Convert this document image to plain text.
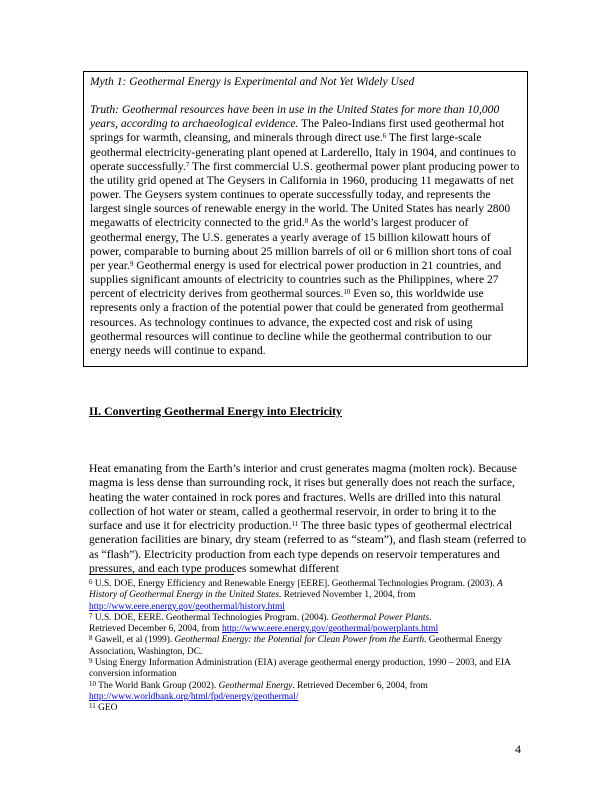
Myth 1: Geothermal Energy is Experimental and Not Yet Widely Used

Truth: Geothermal resources have been in use in the United States for more than 10,000 years, according to archaeological evidence. The Paleo-Indians first used geothermal hot springs for warmth, cleansing, and minerals through direct use.$^6$ The first large-scale geothermal electricity-generating plant opened at Larderello, Italy in 1904, and continues to operate successfully.$^7$ The first commercial U.S. geothermal power plant producing power to the utility grid opened at The Geysers in California in 1960, producing 11 megawatts of net power. The Geysers system continues to operate successfully today, and represents the largest single sources of renewable energy in the world. The United States has nearly 2800 megawatts of electricity connected to the grid.$^8$ As the world’s largest producer of geothermal energy, The U.S. generates a yearly average of 15 billion kilowatt hours of power, comparable to burning about 25 million barrels of oil or 6 million short tons of coal per year.$^9$ Geothermal energy is used for electrical power production in 21 countries, and supplies significant amounts of electricity to countries such as the Philippines, where 27 percent of electricity derives from geothermal sources.$^{10}$ Even so, this worldwide use represents only a fraction of the potential power that could be generated from geothermal resources. As technology continues to advance, the expected cost and risk of using geothermal resources will continue to decline while the geothermal contribution to our energy needs will continue to expand.

II. Converting Geothermal Energy into Electricity

Heat emanating from the Earth’s interior and crust generates magma (molten rock). Because magma is less dense than surrounding rock, it rises but generally does not reach the surface, heating the water contained in rock pores and fractures. Wells are drilled into this natural collection of hot water or steam, called a geothermal reservoir, in order to bring it to the surface and use it for electricity production.$^{11}$ The three basic types of geothermal electrical generation facilities are binary, dry steam (referred to as “steam”), and flash steam (referred to as “flash”). Electricity production from each type depends on reservoir temperatures and pressures, and each type produces somewhat different

$^6$ U.S. DOE, Energy Efficiency and Renewable Energy [EERE]. Geothermal Technologies Program. (2003). A History of Geothermal Energy in the United States. Retrieved November 1, 2004, from http://www.eere.energy.gov/geothermal/history.html

$^7$ U.S. DOE, EERE. Geothermal Technologies Program. (2004). Geothermal Power Plants.
Retrieved December 6, 2004, from http://www.eere.energy.gov/geothermal/powerplants.html

$^8$ Gawell, et al (1999). Geothermal Energy: the Potential for Clean Power from the Earth. Geothermal Energy Association, Washington, DC.

$^9$ Using Energy Information Administration (EIA) average geothermal energy production, 1990 – 2003, and EIA conversion information

$^{10}$ The World Bank Group (2002). Geothermal Energy. Retrieved December 6, 2004, from http://www.worldbank.org/html/fpd/energy/geothermal/

$^{11}$ GEO

4
